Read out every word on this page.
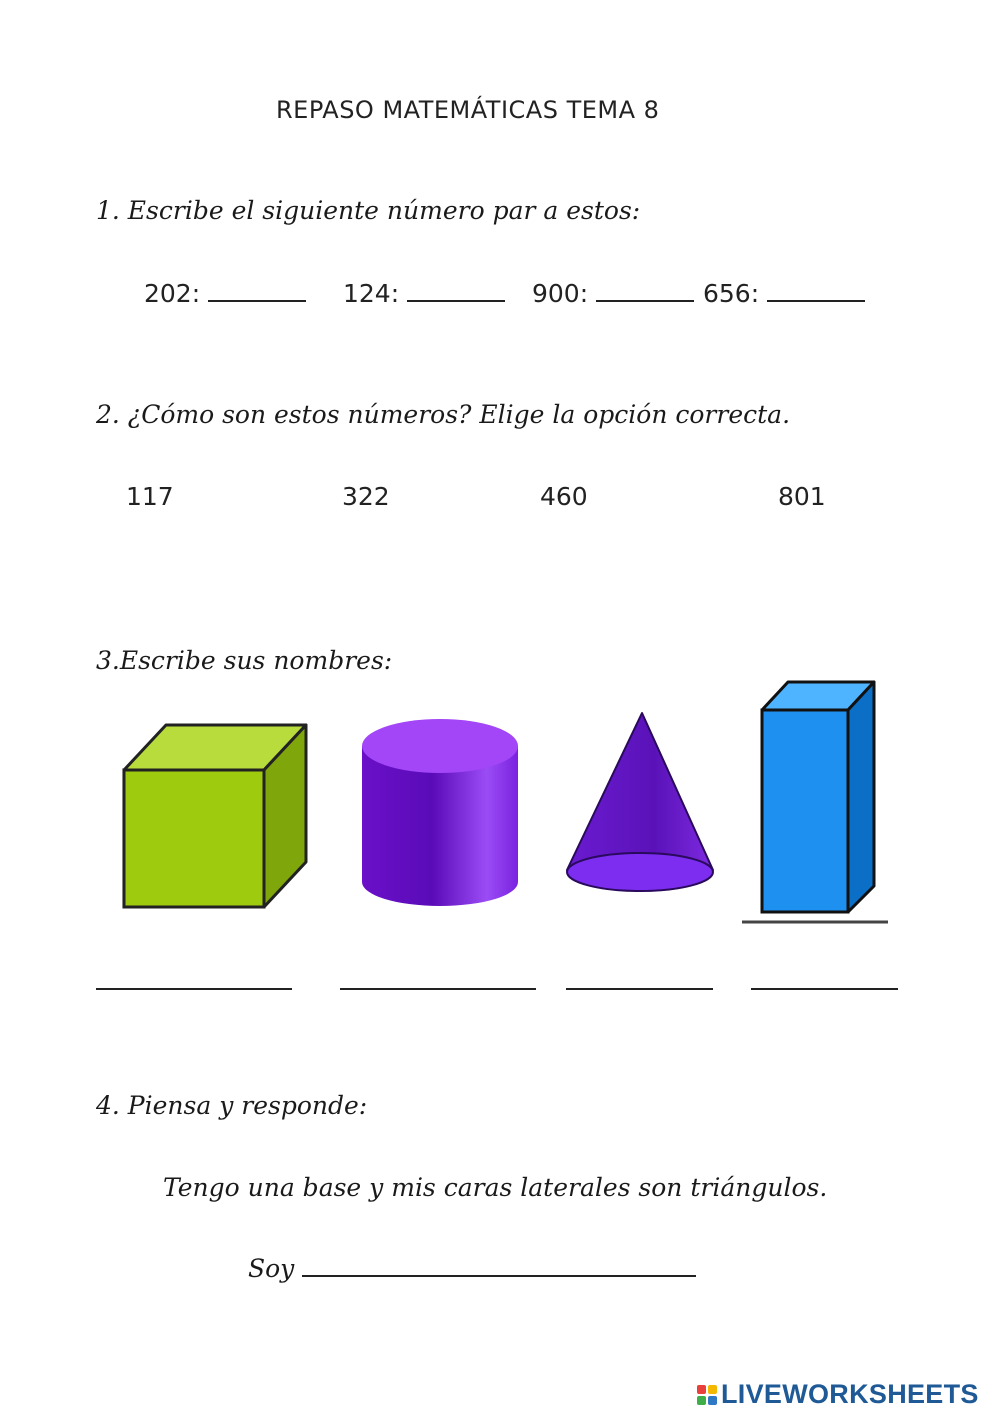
REPASO MATEMÁTICAS TEMA 8
1. Escribe el siguiente número par a estos:
202:	124:	900:	656:
2. ¿Cómo son estos números? Elige la opción correcta.
117	322	460	801
3.Escribe sus nombres:
4. Piensa y responde:
Tengo una base y mis caras laterales son triángulos.
Soy
LIVEWORKSHEETS
